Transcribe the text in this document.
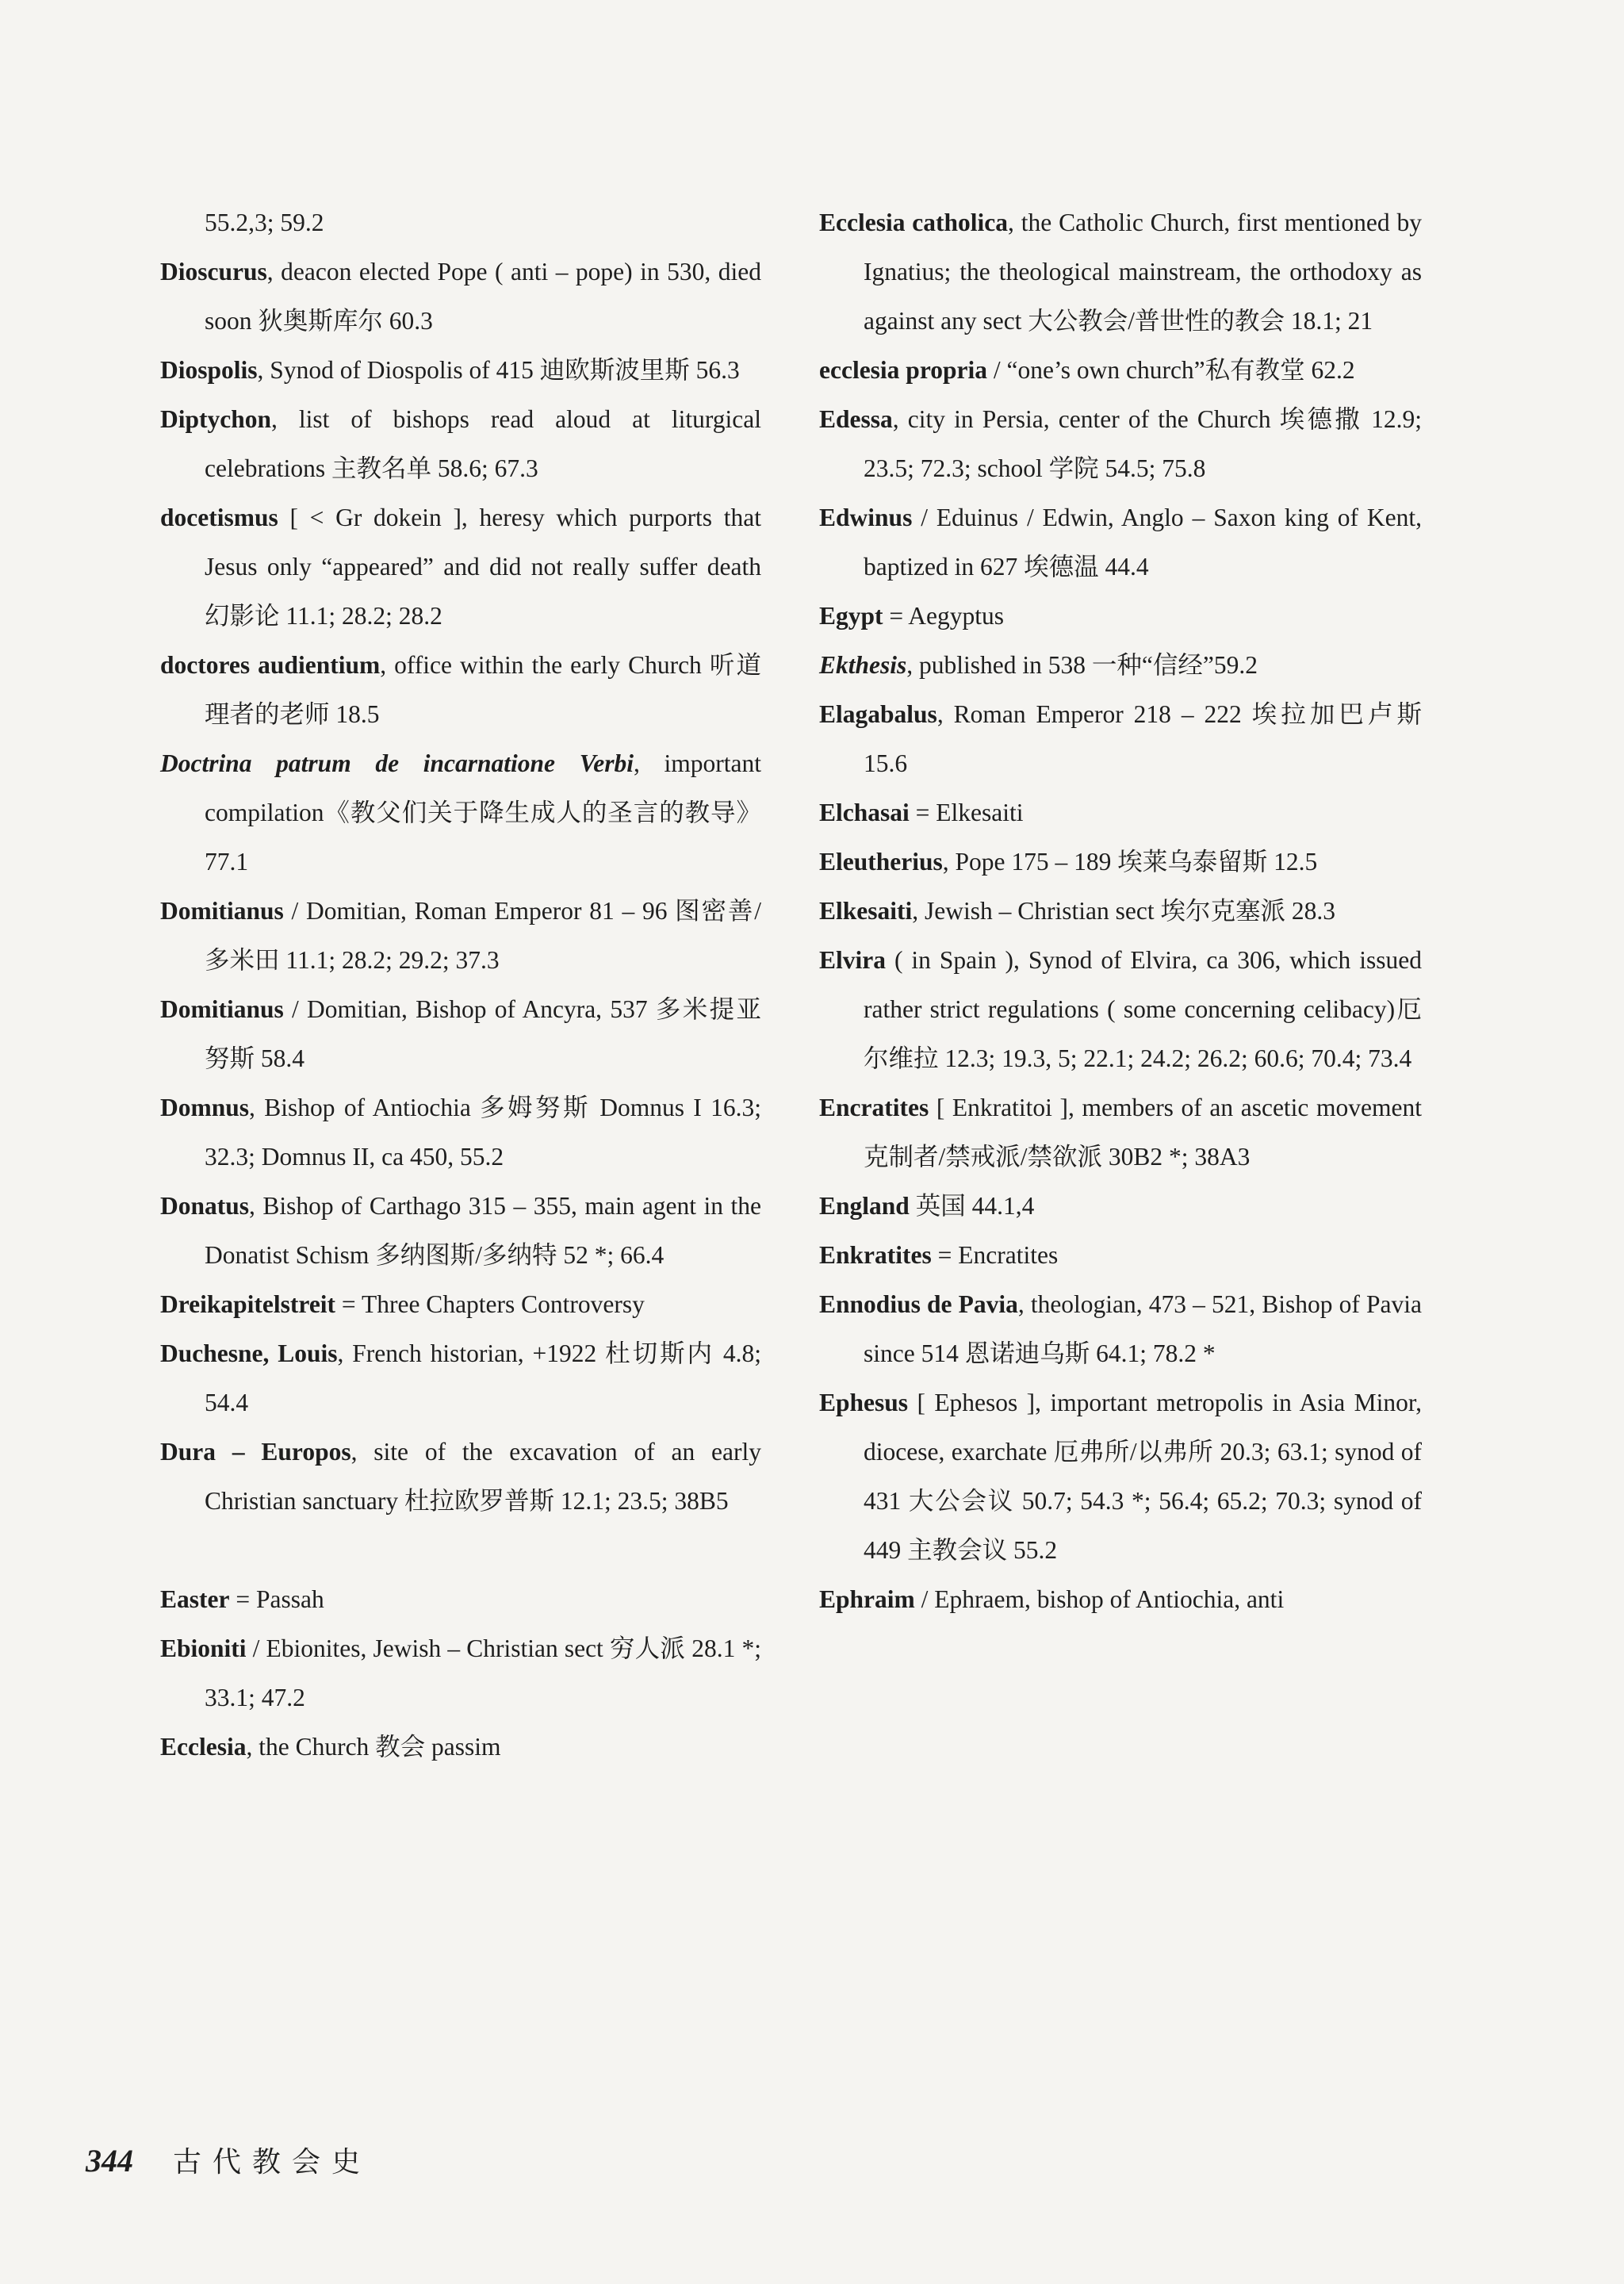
55.2,3; 59.2
Dioscurus, deacon elected Pope ( anti – pope) in 530, died soon 狄奥斯库尔 60.3
Diospolis, Synod of Diospolis of 415 迪欧斯波里斯 56.3
Diptychon, list of bishops read aloud at liturgical celebrations 主教名单 58.6; 67.3
docetismus [ < Gr dokein ], heresy which purports that Jesus only “appeared” and did not really suffer death 幻影论 11.1; 28.2; 28.2
doctores audientium, office within the early Church 听道理者的老师 18.5
Doctrina patrum de incarnatione Verbi, important compilation《教父们关于降生成人的圣言的教导》77.1
Domitianus / Domitian, Roman Emperor 81 – 96 图密善/多米田 11.1; 28.2; 29.2; 37.3
Domitianus / Domitian, Bishop of Ancyra, 537 多米提亚努斯 58.4
Domnus, Bishop of Antiochia 多姆努斯 Domnus I 16.3; 32.3; Domnus II, ca 450, 55.2
Donatus, Bishop of Carthago 315 – 355, main agent in the Donatist Schism 多纳图斯/多纳特 52 *; 66.4
Dreikapitelstreit = Three Chapters Controversy
Duchesne, Louis, French historian, +1922 杜切斯内 4.8; 54.4
Dura – Europos, site of the excavation of an early Christian sanctuary 杜拉欧罗普斯 12.1; 23.5; 38B5
Easter = Passah
Ebioniti / Ebionites, Jewish – Christian sect 穷人派 28.1 *; 33.1; 47.2
Ecclesia, the Church 教会 passim
Ecclesia catholica, the Catholic Church, first mentioned by Ignatius; the theological mainstream, the orthodoxy as against any sect 大公教会/普世性的教会 18.1; 21
ecclesia propria / “one’s own church”私有教堂 62.2
Edessa, city in Persia, center of the Church 埃德撒 12.9; 23.5; 72.3; school 学院 54.5; 75.8
Edwinus / Eduinus / Edwin, Anglo – Saxon king of Kent, baptized in 627 埃德温 44.4
Egypt = Aegyptus
Ekthesis, published in 538 一种“信经”59.2
Elagabalus, Roman Emperor 218 – 222 埃拉加巴卢斯 15.6
Elchasai = Elkesaiti
Eleutherius, Pope 175 – 189 埃莱乌泰留斯 12.5
Elkesaiti, Jewish – Christian sect 埃尔克塞派 28.3
Elvira ( in Spain ), Synod of Elvira, ca 306, which issued rather strict regulations ( some concerning celibacy)厄尔维拉 12.3; 19.3, 5; 22.1; 24.2; 26.2; 60.6; 70.4; 73.4
Encratites [ Enkratitoi ], members of an ascetic movement 克制者/禁戒派/禁欲派 30B2 *; 38A3
England 英国 44.1,4
Enkratites = Encratites
Ennodius de Pavia, theologian, 473 – 521, Bishop of Pavia since 514 恩诺迪乌斯 64.1; 78.2 *
Ephesus [ Ephesos ], important metropolis in Asia Minor, diocese, exarchate 厄弗所/以弗所 20.3; 63.1; synod of 431 大公会议 50.7; 54.3 *; 56.4; 65.2; 70.3; synod of 449 主教会议 55.2
Ephraim / Ephraem, bishop of Antiochia, anti
344 古代教会史
